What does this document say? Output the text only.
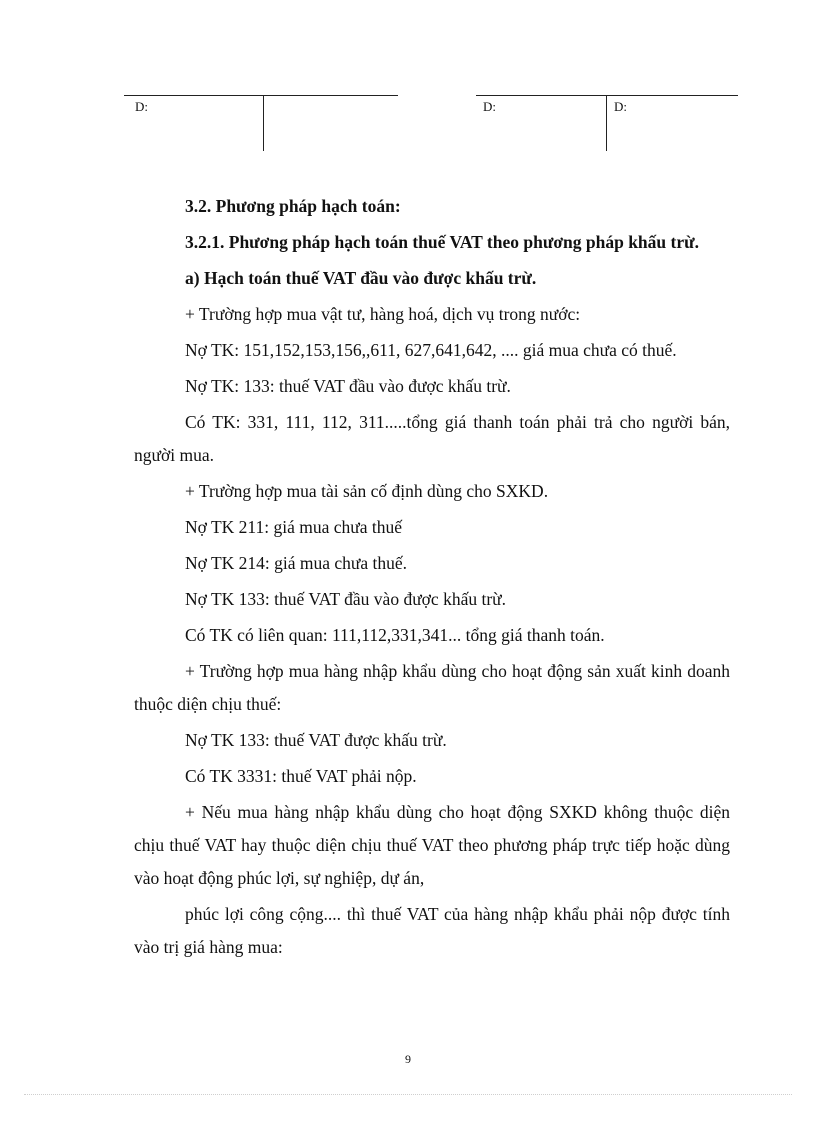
D:	D:	D:

3.2. Phương pháp hạch toán:

3.2.1. Phương pháp hạch toán thuế VAT theo phương pháp khấu trừ.

a) Hạch toán thuế VAT đầu vào được khấu trừ.

+ Trường hợp mua vật tư, hàng hoá, dịch vụ trong nước:

Nợ TK: 151,152,153,156,,611, 627,641,642, .... giá mua chưa có thuế.

Nợ TK: 133: thuế VAT đầu vào được khấu trừ.

Có TK: 331, 111, 112, 311.....tổng giá thanh toán phải trả cho người bán, người mua.

+ Trường hợp mua tài sản cố định dùng cho SXKD.

Nợ TK 211: giá mua chưa thuế

Nợ TK 214: giá mua chưa thuế.

Nợ TK 133: thuế VAT đầu vào được khấu trừ.

Có TK có liên quan: 111,112,331,341... tổng giá thanh toán.

+ Trường hợp mua hàng nhập khẩu dùng cho hoạt động sản xuất kinh doanh thuộc diện chịu thuế:

Nợ TK 133: thuế VAT được khấu trừ.

Có TK 3331: thuế VAT phải nộp.

+ Nếu mua hàng nhập khẩu dùng cho hoạt động SXKD không thuộc diện chịu thuế VAT hay thuộc diện chịu thuế VAT theo phương pháp trực tiếp hoặc dùng vào hoạt động phúc lợi, sự nghiệp, dự án,

phúc lợi công cộng.... thì thuế VAT của hàng nhập khẩu phải nộp được tính vào trị giá hàng mua:

9
